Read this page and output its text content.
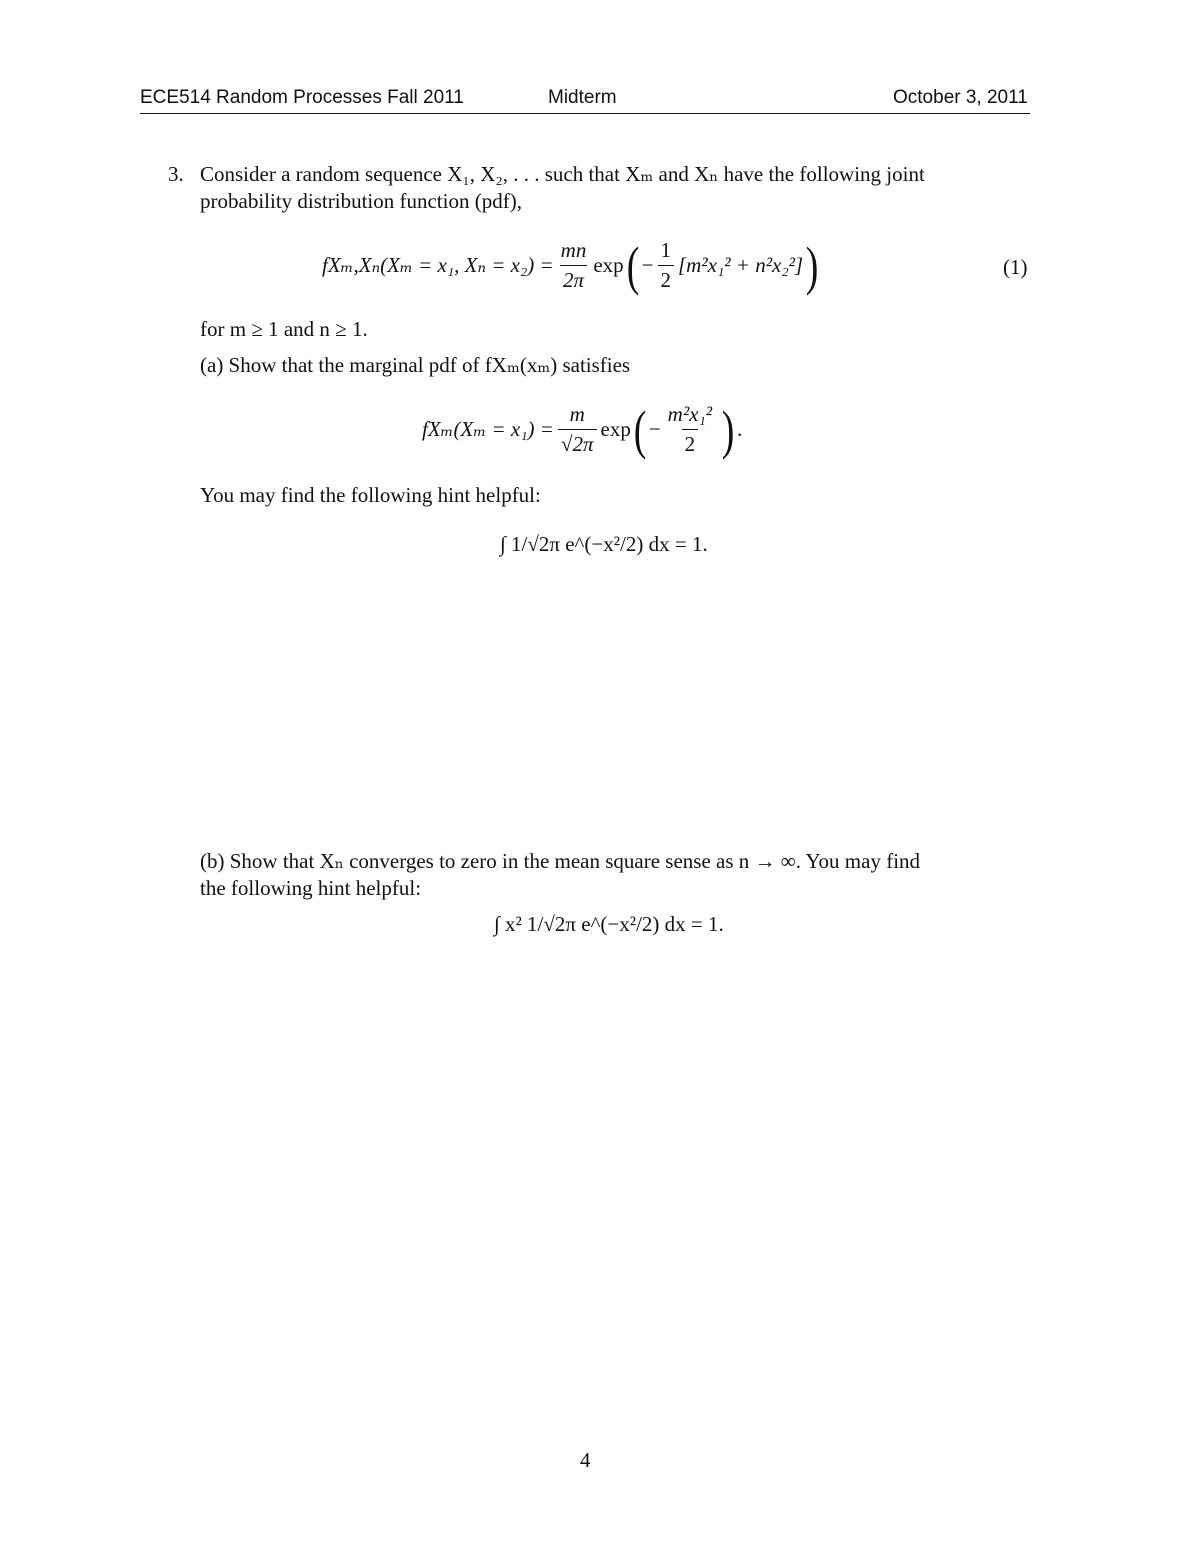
ECE514 Random Processes Fall 2011	Midterm	October 3, 2011
3. Consider a random sequence X₁, X₂, . . . such that Xₘ and Xₙ have the following joint
probability distribution function (pdf),
fXₘ,Xₙ(Xₘ = x₁, $X_n = x_2) = \frac{mn}{2\pi}$ exp ( − $\frac{1}{2} [m^2x_1^2 + n^2x_2^2]$ )	(1)
for m ≥ 1 and n ≥ 1.
(a) Show that the marginal pdf of fXₘ(xₘ) satisfies
$fX_m(X_m = x_1) = \frac{m}{√2\pi}$ exp ( − $\frac{\text{m²x₁²}}{2}$ ) .
You may find the following hint helpful:
∫ 1/√2π e^(−x²/2) dx = 1.
(b) Show that Xₙ converges to zero in the mean square sense as n → ∞. You may find
the following hint helpful:
∫ x² 1/√2π e^(−x²/2) dx = 1.
4
